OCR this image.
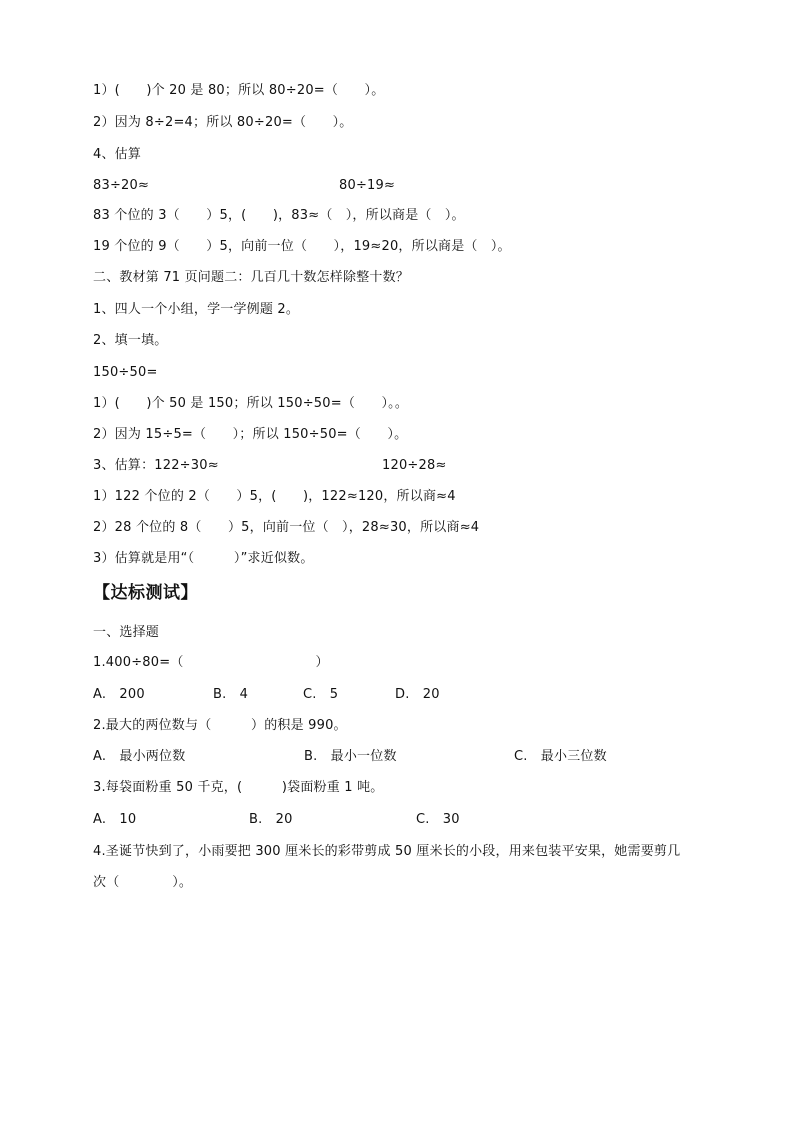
1）(　　)个 20 是 80；所以 80÷20=（　　）。
2）因为 8÷2=4；所以 80÷20=（　　）。
4、估算
83÷20≈	80÷19≈
83 个位的 3（　　）5，(　　)，83≈（　），所以商是（　）。
19 个位的 9（　　）5，向前一位（　　），19≈20，所以商是（　）。
二、教材第 71 页问题二：几百几十数怎样除整十数？
1、四人一个小组，学一学例题 2。
2、填一填。
150÷50=
1）(　　)个 50 是 150；所以 150÷50=（　　）。。
2）因为 15÷5=（　　）；所以 150÷50=（　　）。
3、估算：122÷30≈	120÷28≈
1）122 个位的 2（　　）5，(　　)，122≈120，所以商≈4
2）28 个位的 8（　　）5，向前一位（　），28≈30，所以商≈4
3）估算就是用“（　　　）”求近似数。
【达标测试】
一、选择题
1.400÷80=（　　　　　　　　　　）
A.　200	B.　4	C.　5	D.　20
2.最大的两位数与（　　　）的积是 990。
A.　最小两位数	B.　最小一位数	C.　最小三位数
3.每袋面粉重 50 千克，(　　　)袋面粉重 1 吨。
A.　10	B.　20	C.　30
4.圣诞节快到了，小雨要把 300 厘米长的彩带剪成 50 厘米长的小段，用来包装平安果，她需要剪几
次（　　　　）。
